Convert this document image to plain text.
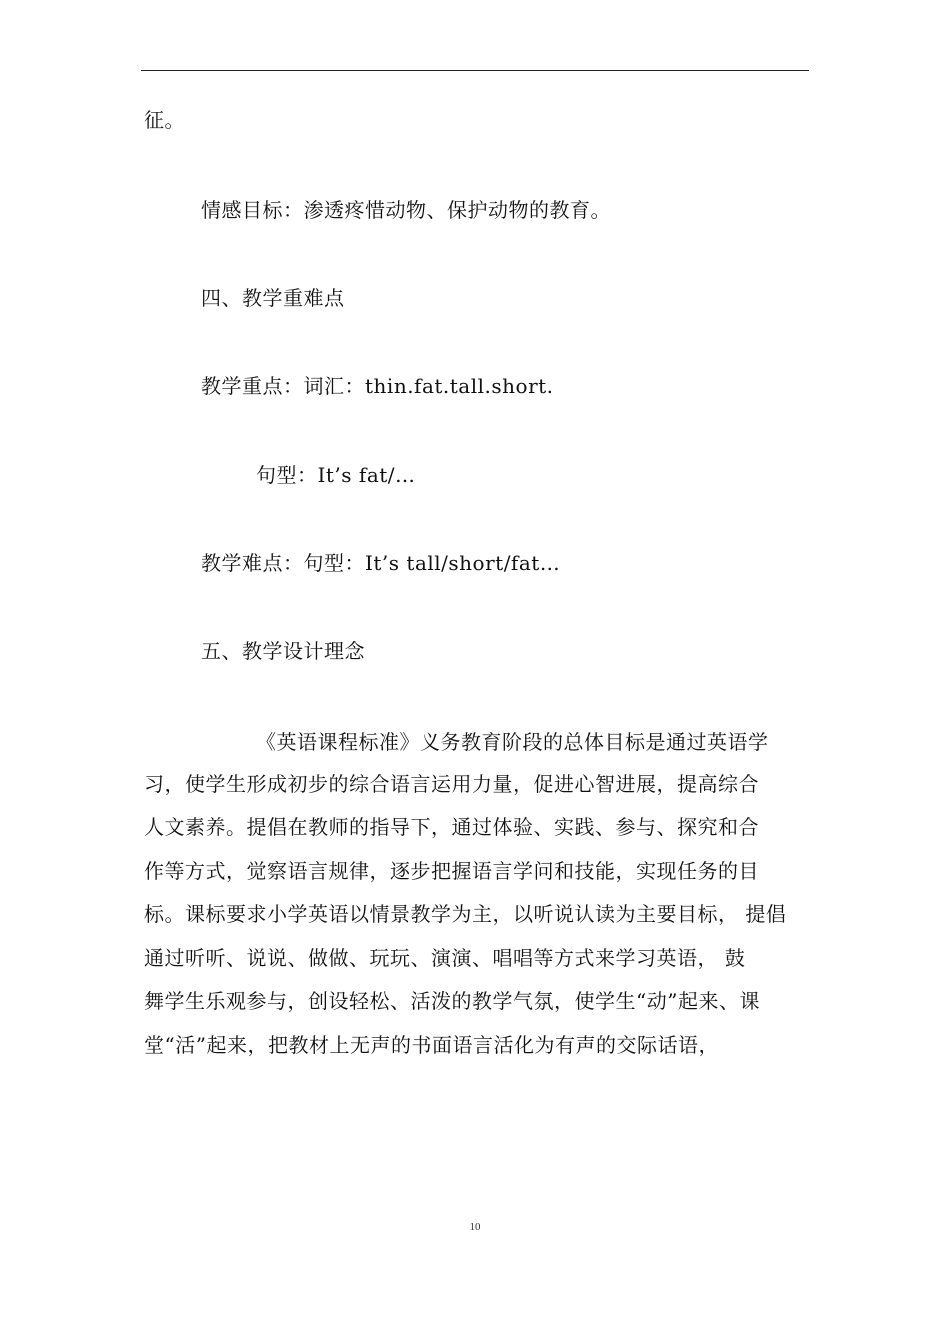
征。
情感目标：渗透疼惜动物、保护动物的教育。
四、教学重难点
教学重点：词汇：thin.fat.tall.short.
句型：It’s fat/…
教学难点：句型：It’s tall/short/fat…
五、教学设计理念
《英语课程标准》义务教育阶段的总体目标是通过英语学
习，使学生形成初步的综合语言运用力量，促进心智进展，提高综合
人文素养。提倡在教师的指导下，通过体验、实践、参与、探究和合
作等方式，觉察语言规律，逐步把握语言学问和技能，实现任务的目
标。课标要求小学英语以情景教学为主，以听说认读为主要目标， 提倡
通过听听、说说、做做、玩玩、演演、唱唱等方式来学习英语， 鼓
舞学生乐观参与，创设轻松、活泼的教学气氛，使学生“动”起来、课
堂“活”起来，把教材上无声的书面语言活化为有声的交际话语，
10
